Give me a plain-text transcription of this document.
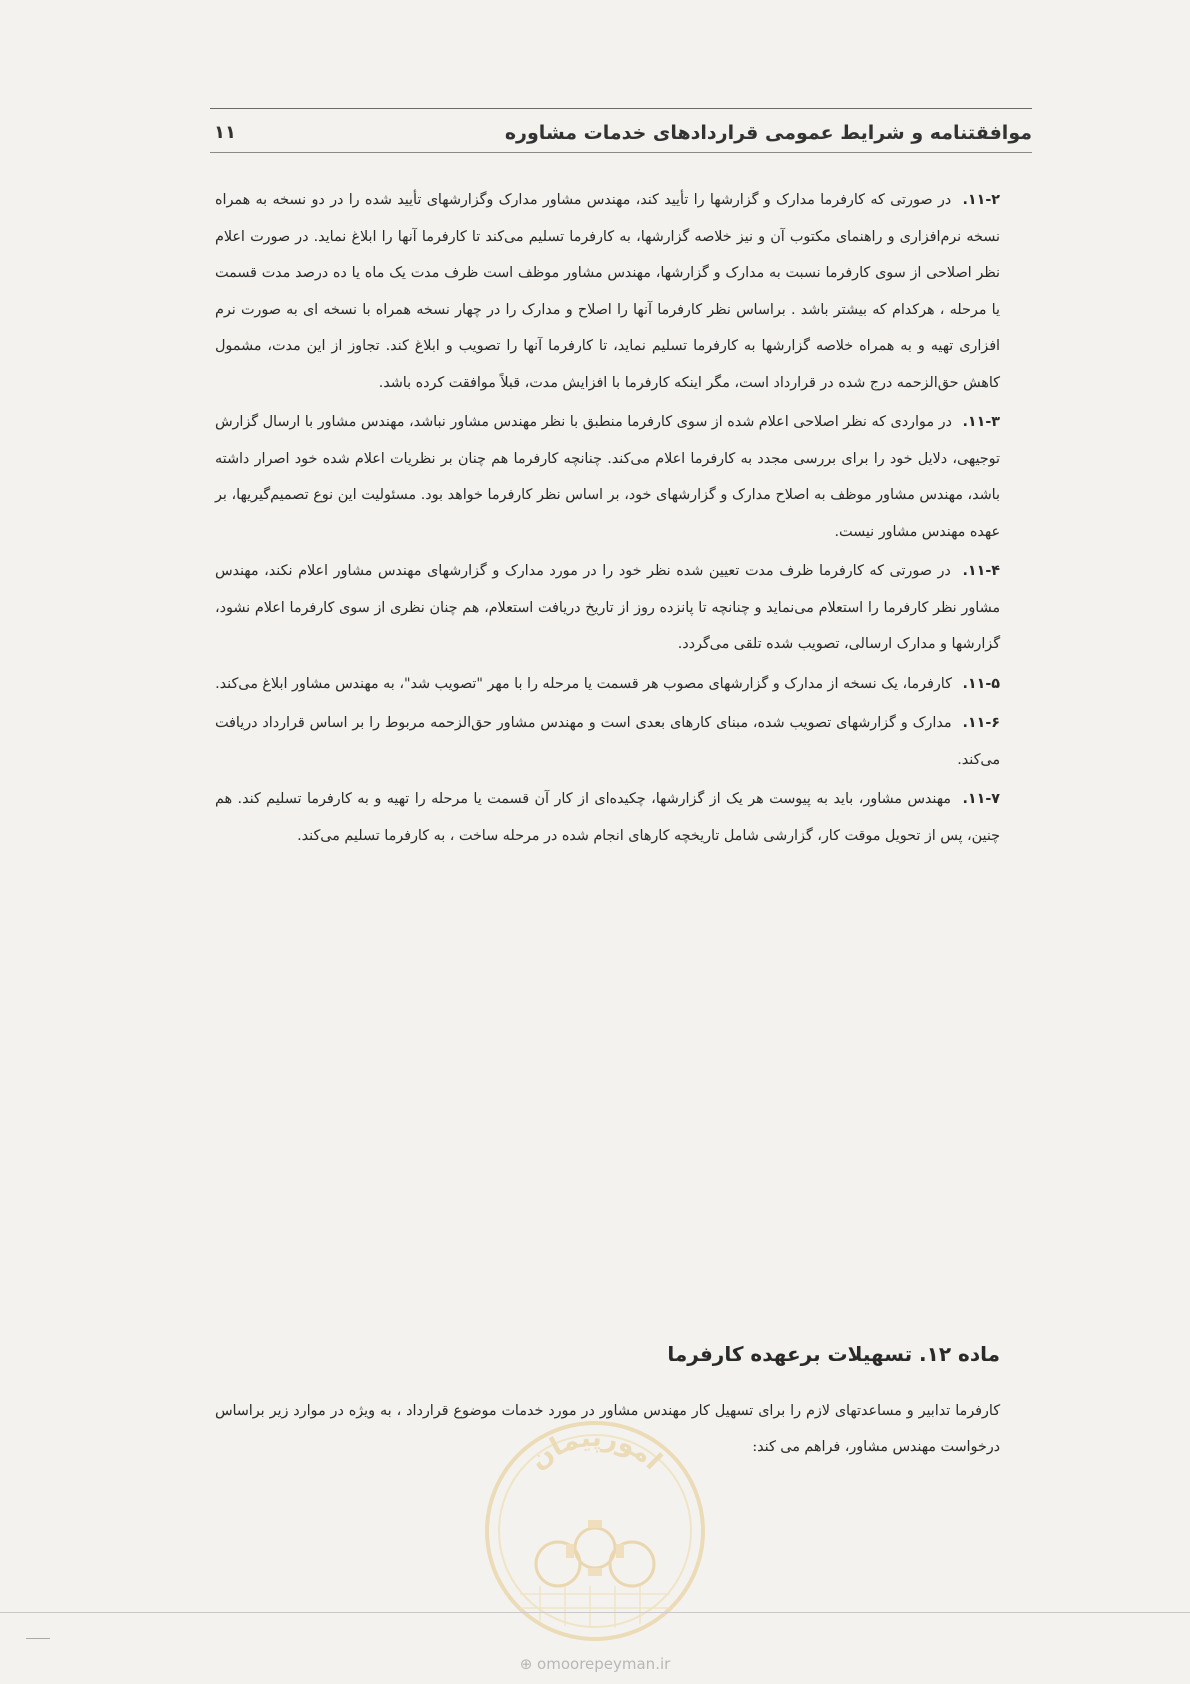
موافقتنامه و شرایط عمومی قراردادهای خدمات مشاوره
۱۱
۱۱-۲. در صورتی که کارفرما مدارک و گزارشها را تأیید کند، مهندس مشاور مدارک وگزارشهای تأیید شده را در دو نسخه به همراه نسخه نرم‌افزاری و راهنمای مکتوب آن و نیز خلاصه گزارشها، به کارفرما تسلیم می‌کند تا کارفرما آنها را ابلاغ نماید. در صورت اعلام نظر اصلاحی از سوی کارفرما نسبت به مدارک و گزارشها، مهندس مشاور موظف است ظرف مدت یک ماه یا ده درصد مدت قسمت یا مرحله ، هرکدام که بیشتر باشد . براساس نظر کارفرما آنها را اصلاح و مدارک را در چهار نسخه همراه با نسخه ای به صورت نرم افزاری تهیه و به همراه خلاصه گزارشها به کارفرما تسلیم نماید، تا کارفرما آنها را تصویب و ابلاغ کند. تجاوز از این مدت، مشمول کاهش حق‌الزحمه درج شده در قرارداد است، مگر اینکه کارفرما با افزایش مدت، قبلاً موافقت کرده باشد.
۱۱-۳. در مواردی که نظر اصلاحی اعلام شده از سوی کارفرما منطبق با نظر مهندس مشاور نباشد، مهندس مشاور با ارسال گزارش توجیهی، دلایل خود را برای بررسی مجدد به کارفرما اعلام می‌کند. چنانچه کارفرما هم چنان بر نظریات اعلام شده خود اصرار داشته باشد، مهندس مشاور موظف به اصلاح مدارک و گزارشهای خود، بر اساس نظر کارفرما خواهد بود. مسئولیت این نوع تصمیم‌گیریها، بر عهده مهندس مشاور نیست.
۱۱-۴. در صورتی که کارفرما ظرف مدت تعیین شده نظر خود را در مورد مدارک و گزارشهای مهندس مشاور اعلام نکند، مهندس مشاور نظر کارفرما را استعلام می‌نماید و چنانچه تا پانزده روز از تاریخ دریافت استعلام، هم چنان نظری از سوی کارفرما اعلام نشود، گزارشها و مدارک ارسالی، تصویب شده تلقی می‌گردد.
۱۱-۵. کارفرما، یک نسخه از مدارک و گزارشهای مصوب هر قسمت یا مرحله را با مهر "تصویب شد"، به مهندس مشاور ابلاغ می‌کند.
۱۱-۶. مدارک و گزارشهای تصویب شده، مبنای کارهای بعدی است و مهندس مشاور حق‌الزحمه مربوط را بر اساس قرارداد دریافت می‌کند.
۱۱-۷. مهندس مشاور، باید به پیوست هر یک از گزارشها، چکیده‌ای از کار آن قسمت یا مرحله را تهیه و به کارفرما تسلیم کند. هم چنین، پس از تحویل موقت کار، گزارشی شامل تاریخچه کارهای انجام شده در مرحله ساخت ، به کارفرما تسلیم می‌کند.
ماده ۱۲. تسهیلات برعهده کارفرما
کارفرما تدابیر و مساعدتهای لازم را برای تسهیل کار مهندس مشاور در مورد خدمات موضوع قرارداد ، به ویژه در موارد زیر براساس درخواست مهندس مشاور، فراهم می کند:
امورپیمان
⊕ omoorepeyman.ir
